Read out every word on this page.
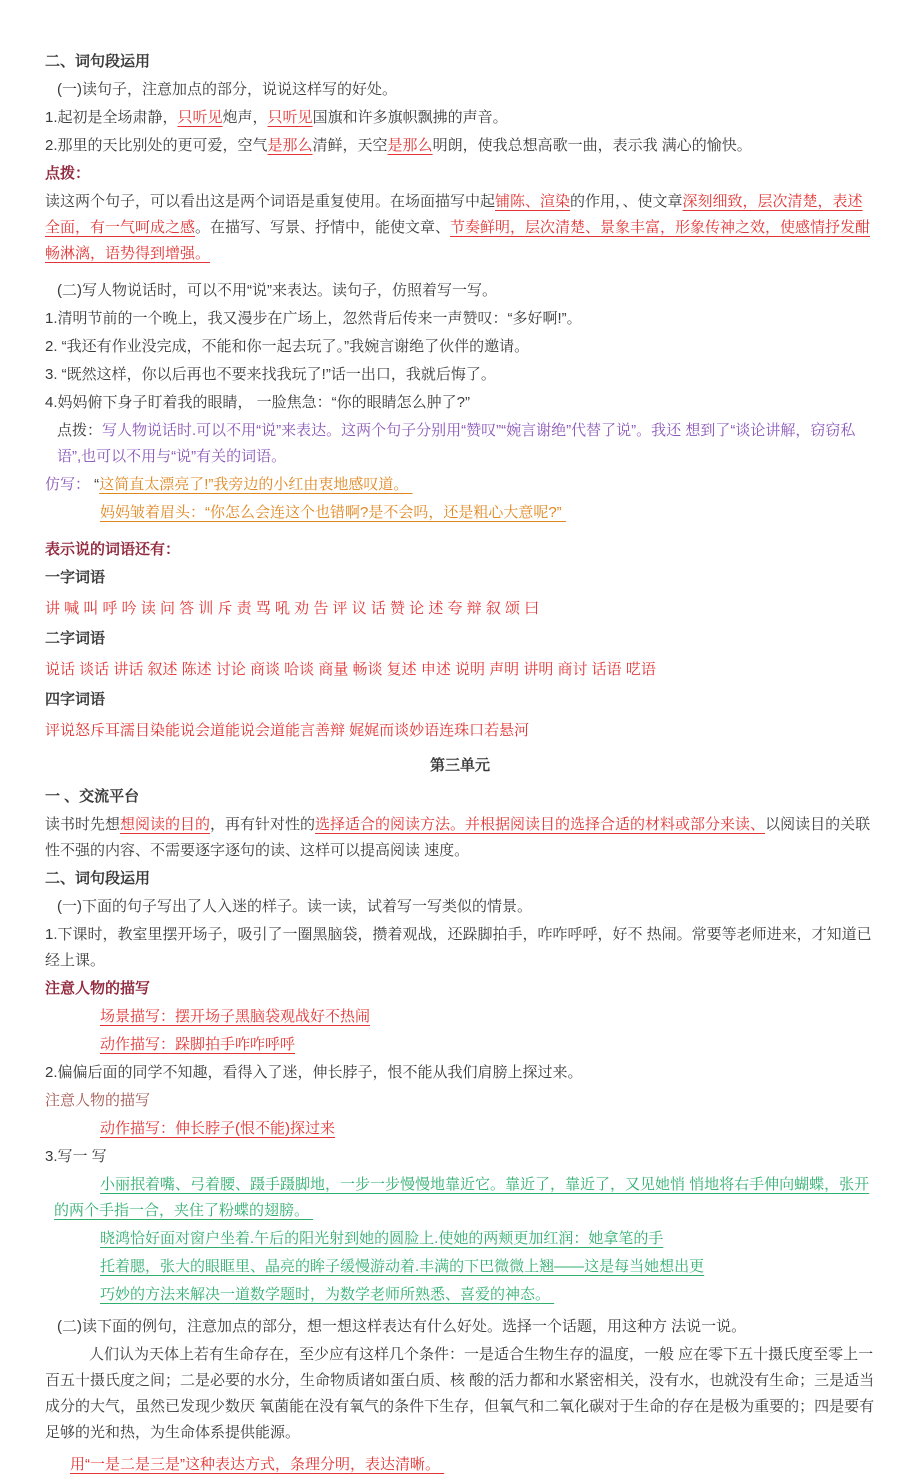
二、词句段运用

(一)读句子，注意加点的部分，说说这样写的好处。

1.起初是全场肃静，只听见炮声，只听见国旗和许多旗帜飘拂的声音。

2.那里的天比别处的更可爱，空气是那么清鲜，天空是那么明朗，使我总想高歌一曲，表示我 满心的愉快。

点拨：

读这两个句子，可以看出这是两个词语是重复使用。在场面描写中起铺陈、渲染的作用，、使文章深刻细致，层次清楚，表述全面，有一气呵成之感。在描写、写景、抒情中，能使文章、节奏鲜明，层次清楚、景象丰富，形象传神之效，使感情抒发酣畅淋漓，语势得到增强。

(二)写人物说话时，可以不用“说”来表达。读句子，仿照着写一写。

1.清明节前的一个晚上，我又漫步在广场上，忽然背后传来一声赞叹：“多好啊!”。

2. “我还有作业没完成，不能和你一起去玩了。”我婉言谢绝了伙伴的邀请。

3. “既然这样，你以后再也不要来找我玩了!”话一出口，我就后悔了。

4.妈妈俯下身子盯着我的眼睛， 一脸焦急：“你的眼睛怎么肿了?”

点拨：写人物说话时.可以不用“说”来表达。这两个句子分别用“赞叹”“婉言谢绝”代替了说”。我还 想到了“谈论讲解，窃窃私语”,也可以不用与“说”有关的词语。

仿写： “这简直太漂亮了!”我旁边的小红由衷地感叹道。

妈妈皱着眉头：“你怎么会连这个也错啊?是不会吗，还是粗心大意呢?”

表示说的词语还有：

一字词语

讲 喊 叫 呼 吟 读 问 答 训 斥 责 骂 吼 劝 告 评 议 话 赞 论 述 夸 辩 叙 颂 曰

二字词语

说话 谈话 讲话 叙述 陈述 讨论 商谈 哈谈 商量 畅谈 复述 申述 说明 声明 讲明 商讨 话语 呓语

四字词语

评说怒斥耳濡目染能说会道能说会道能言善辩 娓娓而谈妙语连珠口若悬河

第三单元

一 、交流平台

读书时先想想阅读的目的，再有针对性的选择适合的阅读方法。并根据阅读目的选择合适的材料或部分来读、以阅读目的关联性不强的内容、不需要逐字逐句的读、这样可以提高阅读 速度。

二、词句段运用

(一)下面的句子写出了人入迷的样子。读一读，试着写一写类似的情景。

1.下课时，教室里摆开场子，吸引了一圈黑脑袋，攒着观战，还跺脚拍手，咋咋呼呼，好不 热闹。常要等老师进来，才知道已经上课。

注意人物的描写

场景描写：摆开场子黑脑袋观战好不热闹

动作描写：跺脚拍手咋咋呼呼

2.偏偏后面的同学不知趣，看得入了迷，伸长脖子，恨不能从我们肩膀上探过来。

注意人物的描写

动作描写：伸长脖子(恨不能)探过来

3.写一 写

小丽抿着嘴、弓着腰、蹑手蹑脚地，一步一步慢慢地靠近它。靠近了，靠近了，又见她悄 悄地将右手伸向蝴蝶，张开的两个手指一合，夹住了粉蝶的翅膀。

晓鸿恰好面对窗户坐着.午后的阳光射到她的圆脸上.使她的两颊更加红润：她拿笔的手

托着腮，张大的眼眶里、晶亮的眸子缓慢游动着.丰满的下巴微微上翘——这是每当她想出更

巧妙的方法来解决一道数学题时，为数学老师所熟悉、喜爱的神态。

(二)读下面的例句，注意加点的部分，想一想这样表达有什么好处。选择一个话题，用这种方 法说一说。

人们认为天体上若有生命存在，至少应有这样几个条件：一是适合生物生存的温度，一般 应在零下五十摄氏度至零上一百五十摄氏度之间；二是必要的水分，生命物质诸如蛋白质、核 酸的活力都和水紧密相关，没有水，也就没有生命；三是适当成分的大气，虽然已发现少数厌 氧菌能在没有氧气的条件下生存，但氧气和二氧化碳对于生命的存在是极为重要的；四是要有 足够的光和热，为生命体系提供能源。

用“一是二是三是”这种表达方式，条理分明，表达清晰。
